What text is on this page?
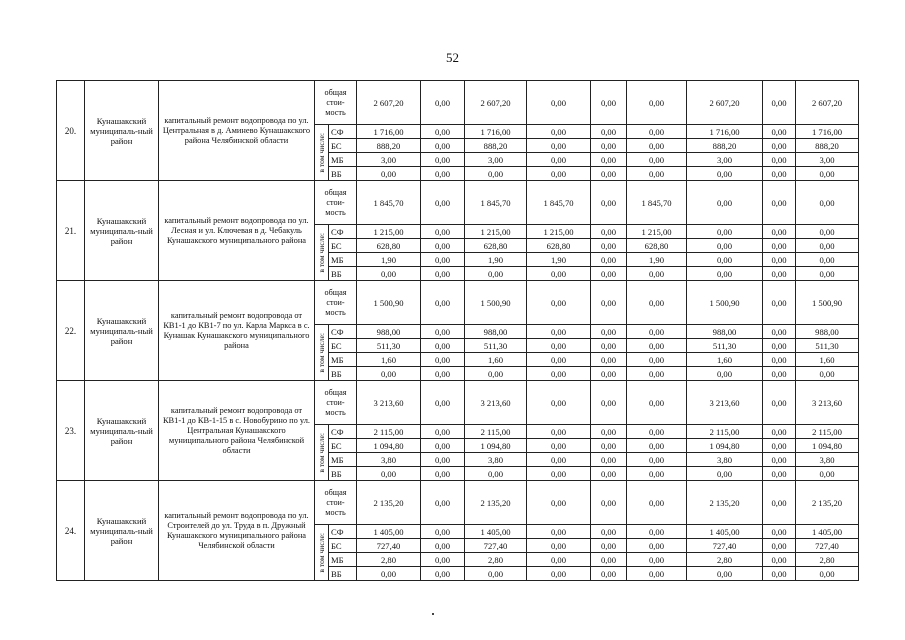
52
20.	Кунашакский муниципаль-ный район	капитальный ремонт водопровода по ул. Центральная в д. Аминево Кунашакского района Челябинской области	общая стои-мость		2 607,20	0,00	2 607,20	0,00	0,00	0,00	2 607,20	0,00	2 607,20

			в том числе:	СФ	1 716,00	0,00	1 716,00	0,00	0,00	0,00	1 716,00	0,00	1 716,00
				БС	888,20	0,00	888,20	0,00	0,00	0,00	888,20	0,00	888,20
				МБ	3,00	0,00	3,00	0,00	0,00	0,00	3,00	0,00	3,00
				ВБ	0,00	0,00	0,00	0,00	0,00	0,00	0,00	0,00	0,00
21.	Кунашакский муниципаль-ный район	капитальный ремонт водопровода по ул. Лесная и ул. Ключевая в д. Чебакуль Кунашакского муниципального района	общая стои-мость		1 845,70	0,00	1 845,70	1 845,70	0,00	1 845,70	0,00	0,00	0,00

			в том числе:	СФ	1 215,00	0,00	1 215,00	1 215,00	0,00	1 215,00	0,00	0,00	0,00
				БС	628,80	0,00	628,80	628,80	0,00	628,80	0,00	0,00	0,00
				МБ	1,90	0,00	1,90	1,90	0,00	1,90	0,00	0,00	0,00
				ВБ	0,00	0,00	0,00	0,00	0,00	0,00	0,00	0,00	0,00
22.	Кунашакский муниципаль-ный район	капитальный ремонт водопровода от КВ1-1 до КВ1-7 по ул. Карла Маркса в с. Кунашак Кунашакского муниципального района	общая стои-мость		1 500,90	0,00	1 500,90	0,00	0,00	0,00	1 500,90	0,00	1 500,90

			в том числе:	СФ	988,00	0,00	988,00	0,00	0,00	0,00	988,00	0,00	988,00
				БС	511,30	0,00	511,30	0,00	0,00	0,00	511,30	0,00	511,30
				МБ	1,60	0,00	1,60	0,00	0,00	0,00	1,60	0,00	1,60
				ВБ	0,00	0,00	0,00	0,00	0,00	0,00	0,00	0,00	0,00
23.	Кунашакский муниципаль-ный район	капитальный ремонт водопровода от КВ1-1 до КВ-1-15 в с. Новобурино по ул. Центральная Кунашакского муниципального района Челябинской области	общая стои-мость		3 213,60	0,00	3 213,60	0,00	0,00	0,00	3 213,60	0,00	3 213,60

			в том числе:	СФ	2 115,00	0,00	2 115,00	0,00	0,00	0,00	2 115,00	0,00	2 115,00
				БС	1 094,80	0,00	1 094,80	0,00	0,00	0,00	1 094,80	0,00	1 094,80
				МБ	3,80	0,00	3,80	0,00	0,00	0,00	3,80	0,00	3,80
				ВБ	0,00	0,00	0,00	0,00	0,00	0,00	0,00	0,00	0,00
24.	Кунашакский муниципаль-ный район	капитальный ремонт водопровода по ул. Строителей до ул. Труда в п. Дружный Кунашакского муниципального района Челябинской области	общая стои-мость		2 135,20	0,00	2 135,20	0,00	0,00	0,00	2 135,20	0,00	2 135,20

			в том числе:	СФ	1 405,00	0,00	1 405,00	0,00	0,00	0,00	1 405,00	0,00	1 405,00
				БС	727,40	0,00	727,40	0,00	0,00	0,00	727,40	0,00	727,40
				МБ	2,80	0,00	2,80	0,00	0,00	0,00	2,80	0,00	2,80
				ВБ	0,00	0,00	0,00	0,00	0,00	0,00	0,00	0,00	0,00
